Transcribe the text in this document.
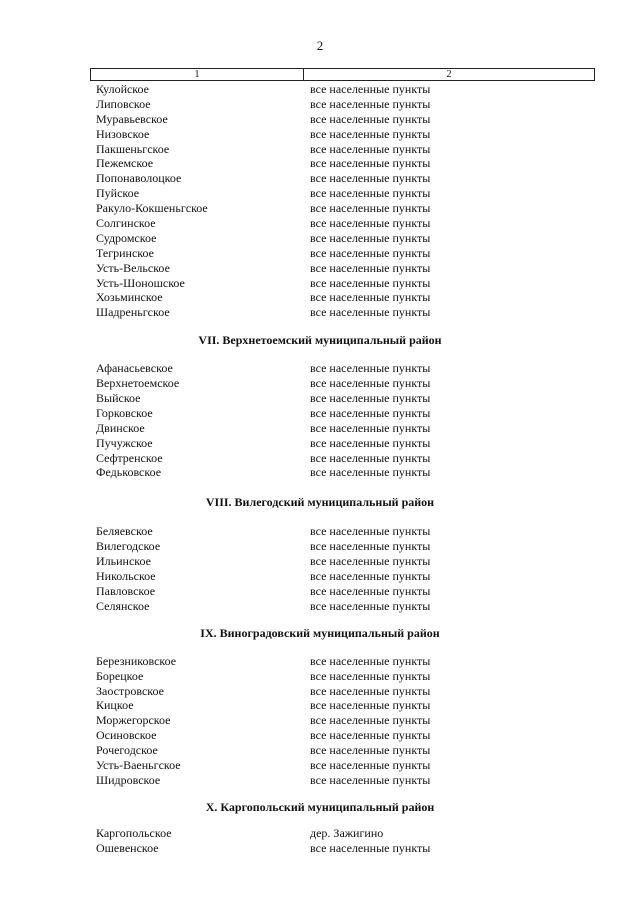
2
1	2
Кулойское	все населенные пункты
Липовское	все населенные пункты
Муравьевское	все населенные пункты
Низовское	все населенные пункты
Пакшеньгское	все населенные пункты
Пежемское	все населенные пункты
Попонаволоцкое	все населенные пункты
Пуйское	все населенные пункты
Ракуло-Кокшеньгское	все населенные пункты
Солгинское	все населенные пункты
Судромское	все населенные пункты
Тегринское	все населенные пункты
Усть-Вельское	все населенные пункты
Усть-Шоношское	все населенные пункты
Хозьминское	все населенные пункты
Шадреньгское	все населенные пункты
VII. Верхнетоемский муниципальный район
Афанасьевское	все населенные пункты
Верхнетоемское	все населенные пункты
Выйское	все населенные пункты
Горковское	все населенные пункты
Двинское	все населенные пункты
Пучужское	все населенные пункты
Сефтренское	все населенные пункты
Федьковское	все населенные пункты
VIII. Вилегодский муниципальный район
Беляевское	все населенные пункты
Вилегодское	все населенные пункты
Ильинское	все населенные пункты
Никольское	все населенные пункты
Павловское	все населенные пункты
Селянское	все населенные пункты
IX. Виноградовский муниципальный район
Березниковское	все населенные пункты
Борецкое	все населенные пункты
Заостровское	все населенные пункты
Кицкое	все населенные пункты
Моржегорское	все населенные пункты
Осиновское	все населенные пункты
Рочегодское	все населенные пункты
Усть-Ваеньгское	все населенные пункты
Шидровское	все населенные пункты
X. Каргопольский муниципальный район
Каргопольское	дер. Зажигино
Ошевенское	все населенные пункты
